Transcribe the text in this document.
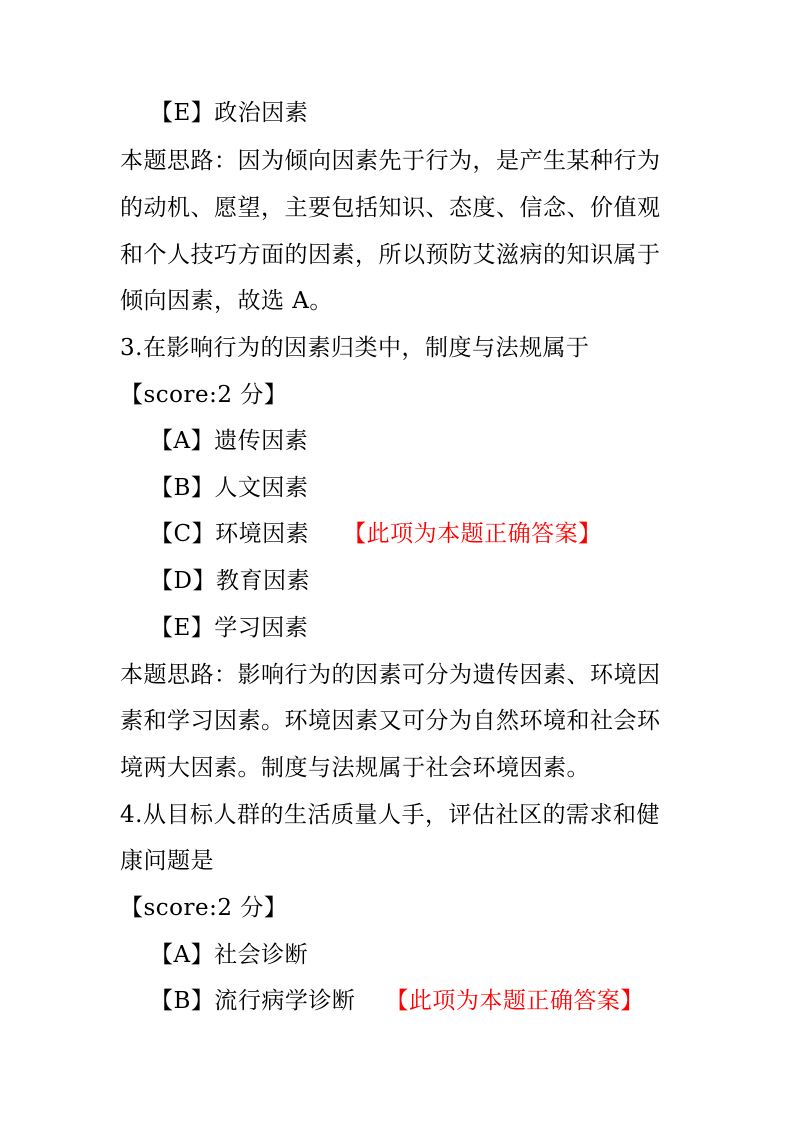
【E】政治因素
本题思路：因为倾向因素先于行为，是产生某种行为
的动机、愿望，主要包括知识、态度、信念、价值观
和个人技巧方面的因素，所以预防艾滋病的知识属于
倾向因素，故选 A。
3.在影响行为的因素归类中，制度与法规属于
【score:2 分】
【A】遗传因素
【B】人文因素
【C】环境因素 【此项为本题正确答案】
【D】教育因素
【E】学习因素
本题思路：影响行为的因素可分为遗传因素、环境因
素和学习因素。环境因素又可分为自然环境和社会环
境两大因素。制度与法规属于社会环境因素。
4.从目标人群的生活质量人手，评估社区的需求和健
康问题是
【score:2 分】
【A】社会诊断
【B】流行病学诊断 【此项为本题正确答案】
